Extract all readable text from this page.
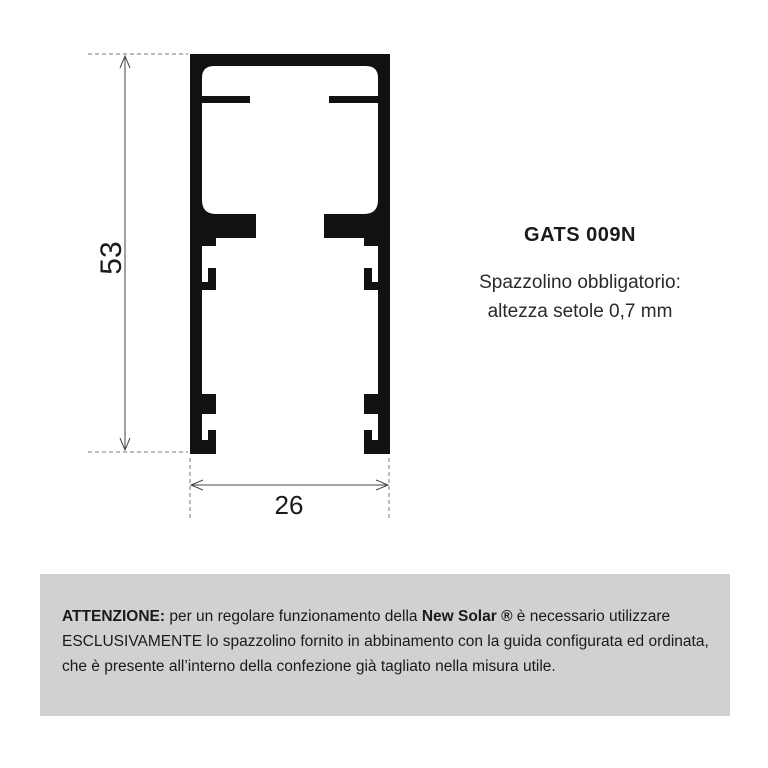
53
26
GATS 009N
Spazzolino obbligatorio:
altezza setole 0,7 mm
ATTENZIONE: per un regolare funzionamento della New Solar ® è necessario utilizzare ESCLUSIVAMENTE lo spazzolino fornito in abbinamento con la guida configurata ed ordinata, che è presente all’interno della confezione già tagliato nella misura utile.
